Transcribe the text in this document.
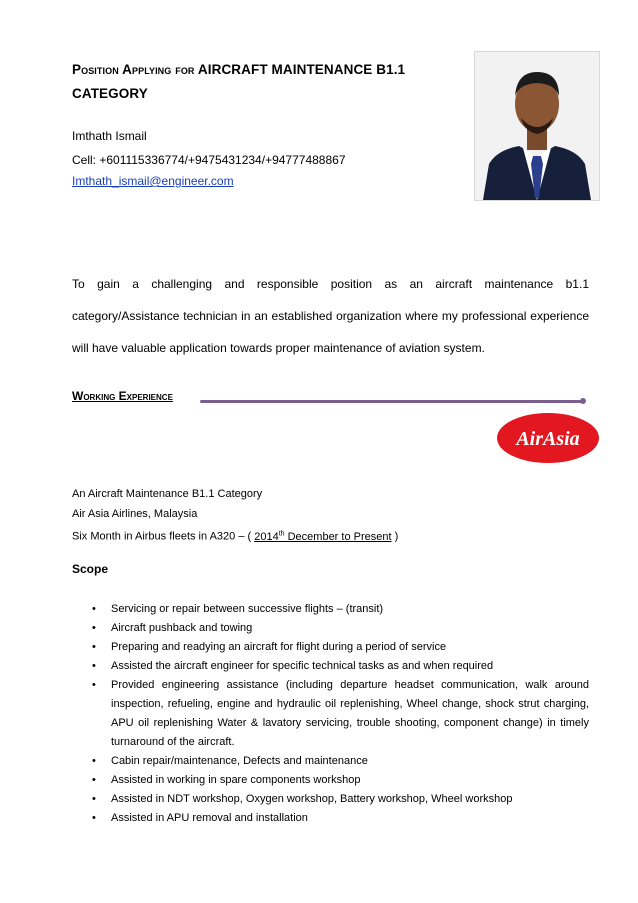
Position Applying for AIRCRAFT MAINTENANCE B1.1
CATEGORY
Imthath Ismail
Cell: +601115336774/+9475431234/+94777488867
Imthath_ismail@engineer.com
To gain a challenging and responsible position as an aircraft maintenance b1.1 category/Assistance technician in an established organization where my professional experience will have valuable application towards proper maintenance of aviation system.
Working Experience
AirAsia
An Aircraft Maintenance B1.1 Category
Air Asia Airlines, Malaysia
Six Month in Airbus fleets in A320 – ( 2014th December to Present )
Scope
• Servicing or repair between successive flights – (transit)
• Aircraft pushback and towing
• Preparing and readying an aircraft for flight during a period of service
• Assisted the aircraft engineer for specific technical tasks as and when required
• Provided engineering assistance (including departure headset communication, walk around inspection, refueling, engine and hydraulic oil replenishing, Wheel change, shock strut charging, APU oil replenishing Water & lavatory servicing, trouble shooting, component change) in timely turnaround of the aircraft.
• Cabin repair/maintenance, Defects and maintenance
• Assisted in working in spare components workshop
• Assisted in NDT workshop, Oxygen workshop, Battery workshop, Wheel workshop
• Assisted in APU removal and installation
